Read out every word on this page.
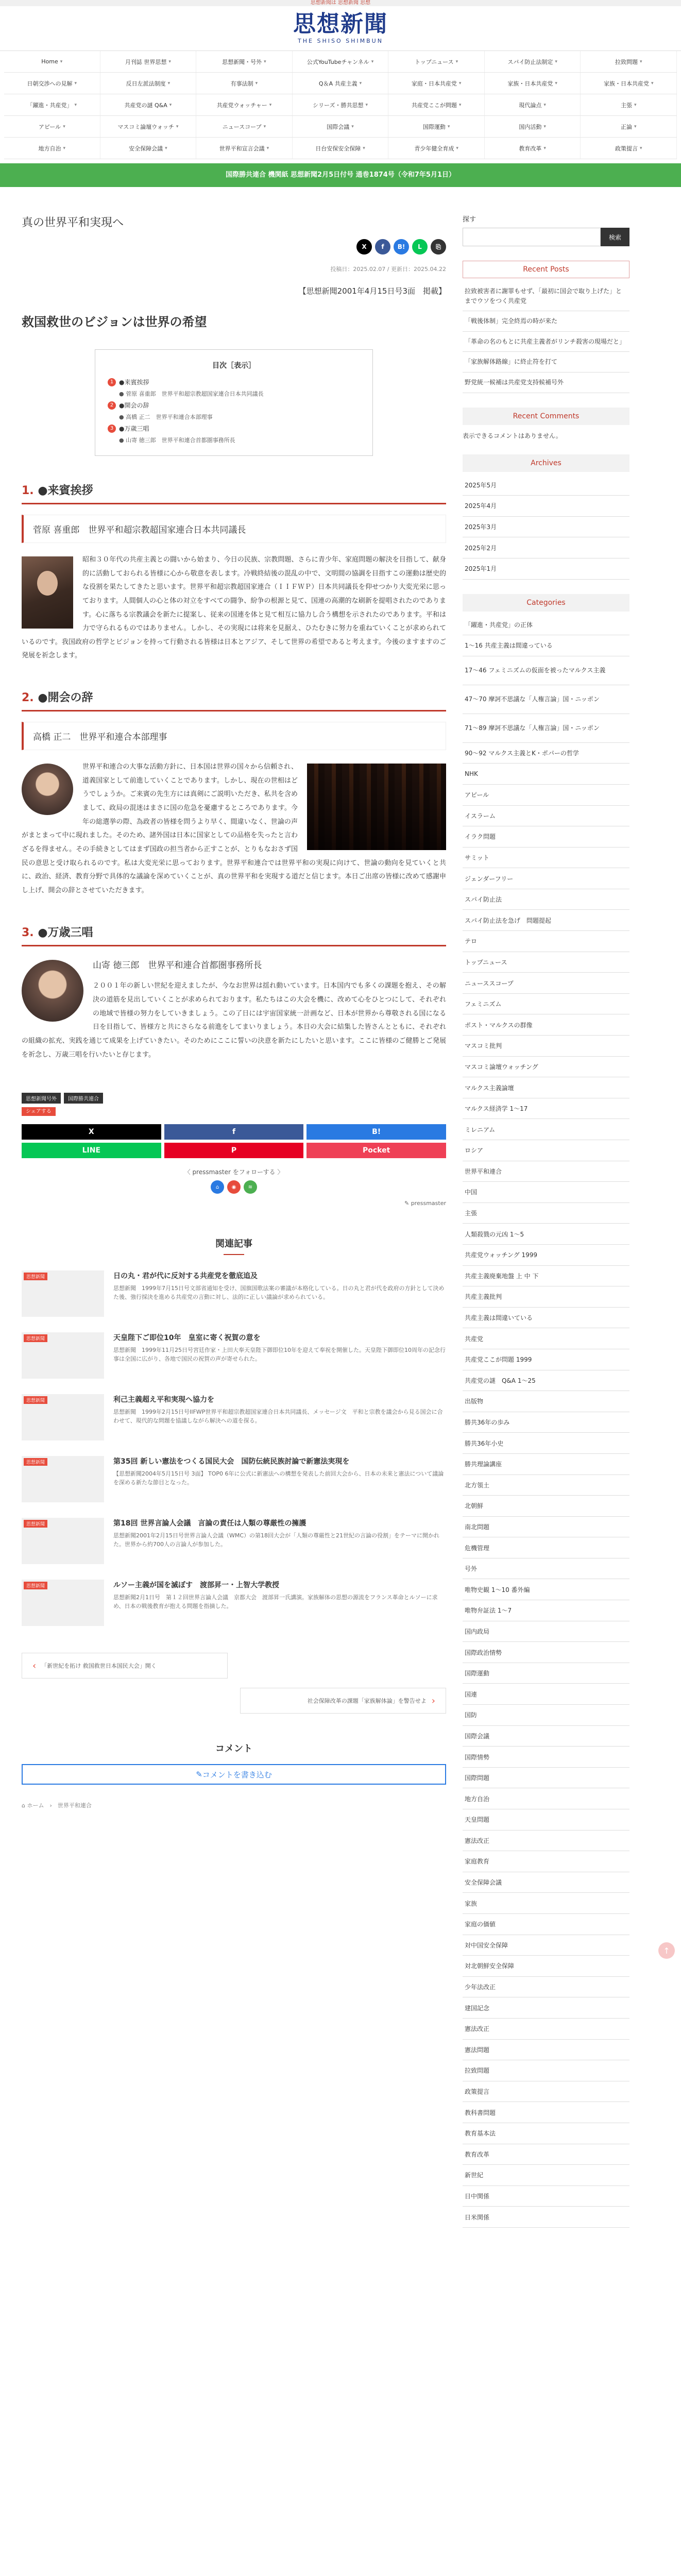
思想新聞は 思想新聞 思想
思想新聞
THE SHISO SHIMBUN
Home ▾	月刊誌 世界思想 ▾	思想新聞・号外 ▾	公式YouTubeチャンネル ▾	トップニュース ▾	スパイ防止法制定 ▾	拉致問題 ▾
日朝交渉への見解 ▾	反日左派法制度 ▾	有事法制 ▾	Q＆A 共産主義 ▾	家庭・日本共産党 ▾	家族・日本共産党 ▾	家族・日本共産党 ▾
「躍進・共産党」 ▾	共産党の謎 Q&A ▾	共産党ウォッチャー ▾	シリーズ・勝共思想 ▾	共産党ここが問題 ▾	現代論点 ▾	主張 ▾
アピール ▾	マスコミ論壇ウォッチ ▾	ニュースコープ ▾	国際会議 ▾	国際運動 ▾	国内活動 ▾	正論 ▾
地方自治 ▾	安全保障会議 ▾	世界平和宣言会議 ▾	日台安保安全保障 ▾	青少年健全育成 ▾	教育改革 ▾	政策提言 ▾
国際勝共連合 機関紙 思想新聞2月5日付号 通巻1874号（令和7年5月1日）
真の世界平和実現へ
X	f	B!	L	⎘
投稿日：2025.02.07 / 更新日：2025.04.22
【思想新聞2001年4月15日号3面　掲載】
救国救世のビジョンは世界の希望
目次［表示］
1 ●来賓挨拶
● 菅原 喜重郎　世界平和超宗教超国家連合日本共同議長
2 ●開会の辞
● 高橋 正二　世界平和連合本部理事
3 ●万歳三唱
● 山寄 徳三郎　世界平和連合首都圏事務所長
1. ●来賓挨拶
菅原 喜重郎　世界平和超宗教超国家連合日本共同議長

昭和３０年代の共産主義との闘いから始まり、今日の民族、宗教問題、さらに青少年、家庭問題の解決を目指して、献身的に活動しておられる皆様に心から敬意を表します。冷戦終結後の混乱の中で、文明間の協調を目指すこの運動は歴史的な役割を果たしてきたと思います。世界平和超宗教超国家連合（ＩＩＦＷＰ）日本共同議長を仰せつかり大変光栄に思っております。人間個人の心と体の対立をすべての闘争、紛争の根源と見て、国連の高潮的な刷新を提唱されたのであります。心に落ちる宗教議会を新たに提案し、従来の国連を体と見て相互に協力し合う構想を示されたのであります。平和は力で守られるものではありません。しかし、その実現には将来を見据え、ひたむきに努力を重ねていくことが求められているのです。我国政府の哲学とビジョンを持って行動される皆様は日本とアジア、そして世界の希望であると考えます。今後のますますのご発展を祈念します。

2. ●開会の辞
高橋 正二　世界平和連合本部理事

世界平和連合の大事な活動方針に、日本国は世界の国々から信頼され、道義国家として前進していくことであります。しかし、現在の世相はどうでしょうか。ご来賓の先生方には真剣にご説明いただき、私共を含めまして、政局の混迷はまさに国の危急を憂慮するところであります。今年の総選挙の際、為政者の皆様を問うより早く、間違いなく、世論の声がまとまって中に現れました。そのため、諸外国は日本に国家としての品格を失ったと言わざるを得ません。その手続きとしてはまず国政の担当者から正すことが、とりもなおさず国民の意思と受け取られるのです。私は大変光栄に思っております。世界平和連合では世界平和の実現に向けて、世論の動向を見ていくと共に、政治、経済、教育分野で具体的な議論を深めていくことが、真の世界平和を実現する道だと信じます。本日ご出席の皆様に改めて感謝申し上げ、開会の辞とさせていただきます。

3. ●万歳三唱
山寄 徳三郎　世界平和連合首都圏事務所長

２００１年の新しい世紀を迎えましたが、今なお世界は揺れ動いています。日本国内でも多くの課題を抱え、その解決の道筋を見出していくことが求められております。私たちはこの大会を機に、改めて心をひとつにして、それぞれの地域で皆様の努力をしていきましょう。この了日には宇宙国家統一計画など、日本が世界から尊敬される国になる日を目指して、皆様方と共にさらなる前進をしてまいりましょう。本日の大会に結集した皆さんとともに、それぞれの組織の拡充、実践を通じて成果を上げていきたい。そのためにここに誓いの決意を新たにしたいと思います。ここに皆様のご健勝とご発展を祈念し、万歳三唱を行いたいと存じます。

思想新聞号外	国際勝共連合
シェアする
X	f	B!
LINE	P	Pocket
〈 pressmaster をフォローする 〉
⌂	◉	≋
✎ pressmaster
関連記事
思想新聞	日の丸・君が代に反対する共産党を徹底追及
思想新聞　1999年7月15日号文部省通知を受け、国旗国歌法案の審議が本格化している。日の丸と君が代を政府の方針として決めた後、強行採決を進める共産党の言動に対し、法的に正しい議論が求められている。
思想新聞	天皇陛下ご即位10年　皇室に寄く祝賀の意を
思想新聞　1999年11月25日号宮廷作家・上田大奉天皇陛下御即位10年を迎えて奉祝を開催した。天皇陛下御即位10周年の記念行事は全国に広がり、各地で国民の祝賀の声が寄せられた。
思想新聞	利己主義超え平和実現へ協力を
思想新聞　1999年2月15日号IIFWP世界平和超宗教超国家連合日本共同議長、メッセージ文　平和と宗教を議会から見る国会に合わせて、現代的な問題を協議しながら解決への道を探る。
思想新聞	第35回 新しい憲法をつくる国民大会　国防伝統民族討論で新憲法実現を
【思想新聞2004年5月15日号 3面】 TOP0 6年に公式に新憲法への構想を発表した前回大会から、日本の未来と憲法について議論を深める新たな節目となった。
思想新聞	第18回 世界言論人会議　言論の責任は人類の尊厳性の擁護
思想新聞2001年2月15日号世界言論人会議（WMC）の第18回大会が「人類の尊厳性と21世紀の言論の役割」をテーマに開かれた。世界から約700人の言論人が参加した。
思想新聞	ルソー主義が国を滅ぼす　渡部昇一・上智大学教授
思想新聞2月1日号　第１２回世界言論人会議　京都大会　渡部昇一氏講演。家族解体の思想の源流をフランス革命とルソーに求め、日本の戦後教育が抱える問題を指摘した。
‹ 「新世紀を拓け 救国救世日本国民大会」開く
社会保障改革の課題「家族解体論」を警告せよ ›
コメント
✎ コメントを書き込む
⌂ ホーム　›　世界平和連合
探す
検索
Recent Posts
拉致被害者に謝罪もせず、「最初に国会で取り上げた」とまでウソをつく共産党
「戦後体制」完全終焉の時が来た
「革命の名のもとに共産主義者がリンチ殺害の現場だと」
「家族解体路線」に終止符を打て
野党統一候補は共産党支持候補号外
Recent Comments
表示できるコメントはありません。
Archives
2025年5月
2025年4月
2025年3月
2025年2月
2025年1月
Categories
「躍進・共産党」の正体
1～16 共産主義は間違っている
17～46 フェミニズムの仮面を被ったマルクス主義
47～70 摩訶不思議な「人権言論」国・ニッポン
71～89 摩訶不思議な「人権言論」国・ニッポン
90～92 マルクス主義とK・ポパーの哲学
NHK
アピール
イスラーム
イラク問題
サミット
ジェンダーフリー
スパイ防止法
スパイ防止法を急げ　問題提起
テロ
トップニュース
ニューススコープ
フェミニズム
ポスト・マルクスの群像
マスコミ批判
マスコミ論壇ウォッチング
マルクス主義論壇
マルクス経済学 1～17
ミレニアム
ロシア
世界平和連合
中国
主張
人類殺戮の元凶 1～5
共産党ウォッチング 1999
共産主義廃棄地盤 上 中 下
共産主義批判
共産主義は間違いている
共産党
共産党ここが問題 1999
共産党の謎　Q&A 1～25
出版物
勝共36年の歩み
勝共36年小史
勝共理論講座
北方領土
北朝鮮
南北問題
危機管理
号外
唯物史観 1～10 番外編
唯物弁証法 1～7
国内政局
国際政治情勢
国際運動
国連
国防
国際会議
国際情勢
国際問題
地方自治
天皇問題
憲法改正
家庭教育
安全保障会議
家族
家庭の価値
対中国安全保障
対北朝鮮安全保障
少年法改正
建国記念
憲法改正
憲法問題
拉致問題
政策提言
教科書問題
教育基本法
教育改革
新世紀
日中関係
日米関係
↑
